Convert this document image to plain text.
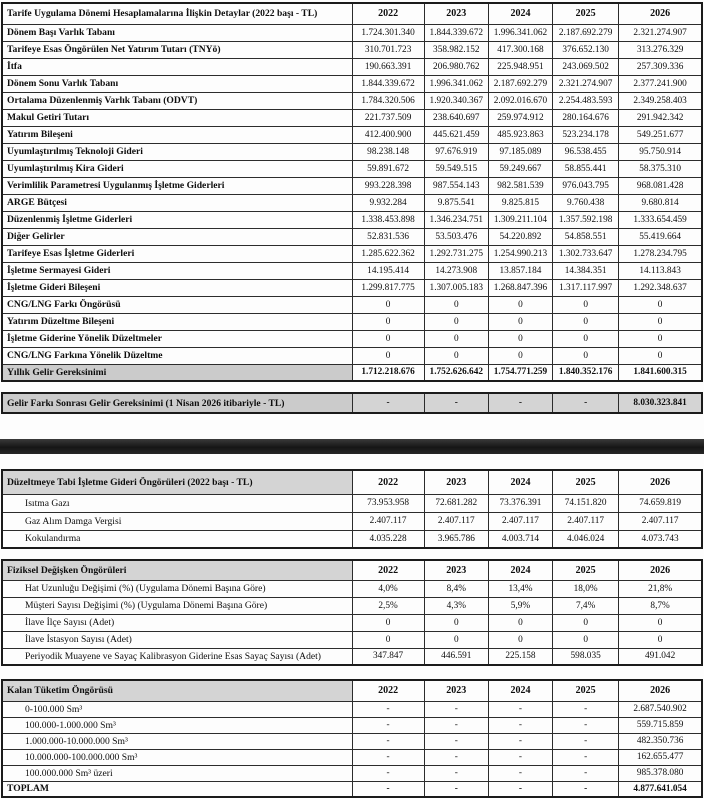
Tarife Uygulama Dönemi Hesaplamalarına İlişkin Detaylar (2022 başı - TL)	2022	2023	2024	2025	2026
Dönem Başı Varlık Tabanı	1.724.301.340	1.844.339.672	1.996.341.062	2.187.692.279	2.321.274.907
Tarifeye Esas Öngörülen Net Yatırım Tutarı (TNYö)	310.701.723	358.982.152	417.300.168	376.652.130	313.276.329
İtfa	190.663.391	206.980.762	225.948.951	243.069.502	257.309.336
Dönem Sonu Varlık Tabanı	1.844.339.672	1.996.341.062	2.187.692.279	2.321.274.907	2.377.241.900
Ortalama Düzenlenmiş Varlık Tabanı (ODVT)	1.784.320.506	1.920.340.367	2.092.016.670	2.254.483.593	2.349.258.403
Makul Getiri Tutarı	221.737.509	238.640.697	259.974.912	280.164.676	291.942.342
Yatırım Bileşeni	412.400.900	445.621.459	485.923.863	523.234.178	549.251.677
Uyumlaştırılmış Teknoloji Gideri	98.238.148	97.676.919	97.185.089	96.538.455	95.750.914
Uyumlaştırılmış Kira Gideri	59.891.672	59.549.515	59.249.667	58.855.441	58.375.310
Verimlilik Parametresi Uygulanmış İşletme Giderleri	993.228.398	987.554.143	982.581.539	976.043.795	968.081.428
ARGE Bütçesi	9.932.284	9.875.541	9.825.815	9.760.438	9.680.814
Düzenlenmiş İşletme Giderleri	1.338.453.898	1.346.234.751	1.309.211.104	1.357.592.198	1.333.654.459
Diğer Gelirler	52.831.536	53.503.476	54.220.892	54.858.551	55.419.664
Tarifeye Esas İşletme Giderleri	1.285.622.362	1.292.731.275	1.254.990.213	1.302.733.647	1.278.234.795
İşletme Sermayesi Gideri	14.195.414	14.273.908	13.857.184	14.384.351	14.113.843
İşletme Gideri Bileşeni	1.299.817.775	1.307.005.183	1.268.847.396	1.317.117.997	1.292.348.637
CNG/LNG Farkı Öngörüsü	0	0	0	0	0
Yatırım Düzeltme Bileşeni	0	0	0	0	0
İşletme Giderine Yönelik Düzeltmeler	0	0	0	0	0
CNG/LNG Farkına Yönelik Düzeltme	0	0	0	0	0
Yıllık Gelir Gereksinimi	1.712.218.676	1.752.626.642	1.754.771.259	1.840.352.176	1.841.600.315
Gelir Farkı Sonrası Gelir Gereksinimi (1 Nisan 2026 itibariyle - TL)	-	-	-	-	8.030.323.841
Düzeltmeye Tabi İşletme Gideri Öngörüleri (2022 başı - TL)	2022	2023	2024	2025	2026
Isıtma Gazı	73.953.958	72.681.282	73.376.391	74.151.820	74.659.819
Gaz Alım Damga Vergisi	2.407.117	2.407.117	2.407.117	2.407.117	2.407.117
Kokulandırma	4.035.228	3.965.786	4.003.714	4.046.024	4.073.743
Fiziksel Değişken Öngörüleri	2022	2023	2024	2025	2026
Hat Uzunluğu Değişimi (%) (Uygulama Dönemi Başına Göre)	4,0%	8,4%	13,4%	18,0%	21,8%
Müşteri Sayısı Değişimi (%) (Uygulama Dönemi Başına Göre)	2,5%	4,3%	5,9%	7,4%	8,7%
İlave İlçe Sayısı (Adet)	0	0	0	0	0
İlave İstasyon Sayısı (Adet)	0	0	0	0	0
Periyodik Muayene ve Sayaç Kalibrasyon Giderine Esas Sayaç Sayısı (Adet)	347.847	446.591	225.158	598.035	491.042
Kalan Tüketim Öngörüsü	2022	2023	2024	2025	2026
0-100.000 Sm³	-	-	-	-	2.687.540.902
100.000-1.000.000 Sm³	-	-	-	-	559.715.859
1.000.000-10.000.000 Sm³	-	-	-	-	482.350.736
10.000.000-100.000.000 Sm³	-	-	-	-	162.655.477
100.000.000 Sm³ üzeri	-	-	-	-	985.378.080
TOPLAM	-	-	-	-	4.877.641.054
